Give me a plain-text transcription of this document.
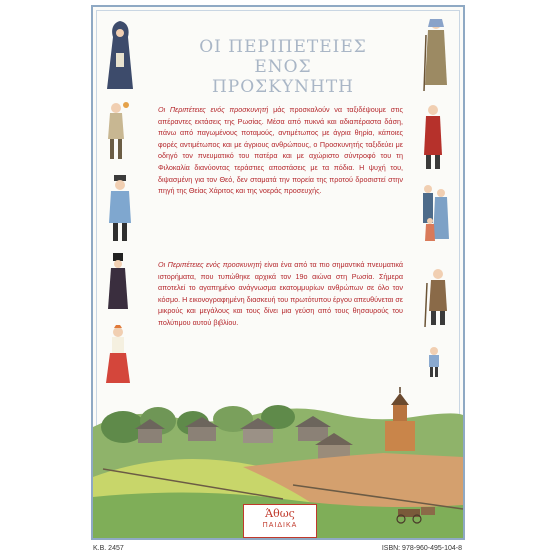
ΟΙ ΠΕΡΙΠΕΤΕΙΕΣ
ΕΝΟΣ ΠΡΟΣΚΥΝΗΤΗ

Οι Περιπέτειες ενός προσκυνητή μάς προσκαλούν να ταξιδέψουμε στις απέραντες εκτάσεις της Ρωσίας. Μέσα από πυκνά και αδιαπέραστα δάση, πάνω από παγωμένους ποταμούς, αντιμέτωπος με άγρια θηρία, κάποιες φορές αντιμέτωπος και με άγριους ανθρώπους, ο Προσκυνητής ταξιδεύει με οδηγό τον πνευματικό του πατέρα και με αχώριστο σύντροφό του τη Φιλοκαλία διανύοντας τεράστιες αποστάσεις με τα πόδια. Η ψυχή του, διψασμένη για τον Θεό, δεν σταματά την πορεία της προτού δροσιστεί στην πηγή της Θείας Χάριτος και της νοεράς προσευχής.

Οι Περιπέτειες ενός προσκυνητή είναι ένα από τα πιο σημαντικά πνευματικά ιστορήματα, που τυπώθηκε αρχικά τον 19ο αιώνα στη Ρωσία. Σήμερα αποτελεί το αγαπημένο ανάγνωσμα εκατομμυρίων ανθρώπων σε όλο τον κόσμο. Η εικονογραφημένη διασκευή του πρωτότυπου έργου απευθύνεται σε μικρούς και μεγάλους και τους δίνει μια γεύση από τους θησαυρούς του πολύτιμου αυτού βιβλίου.

Άθως
ΠΑΙΔΙΚΑ
Κ.Β. 2457	ISBN: 978-960-495-104-8
